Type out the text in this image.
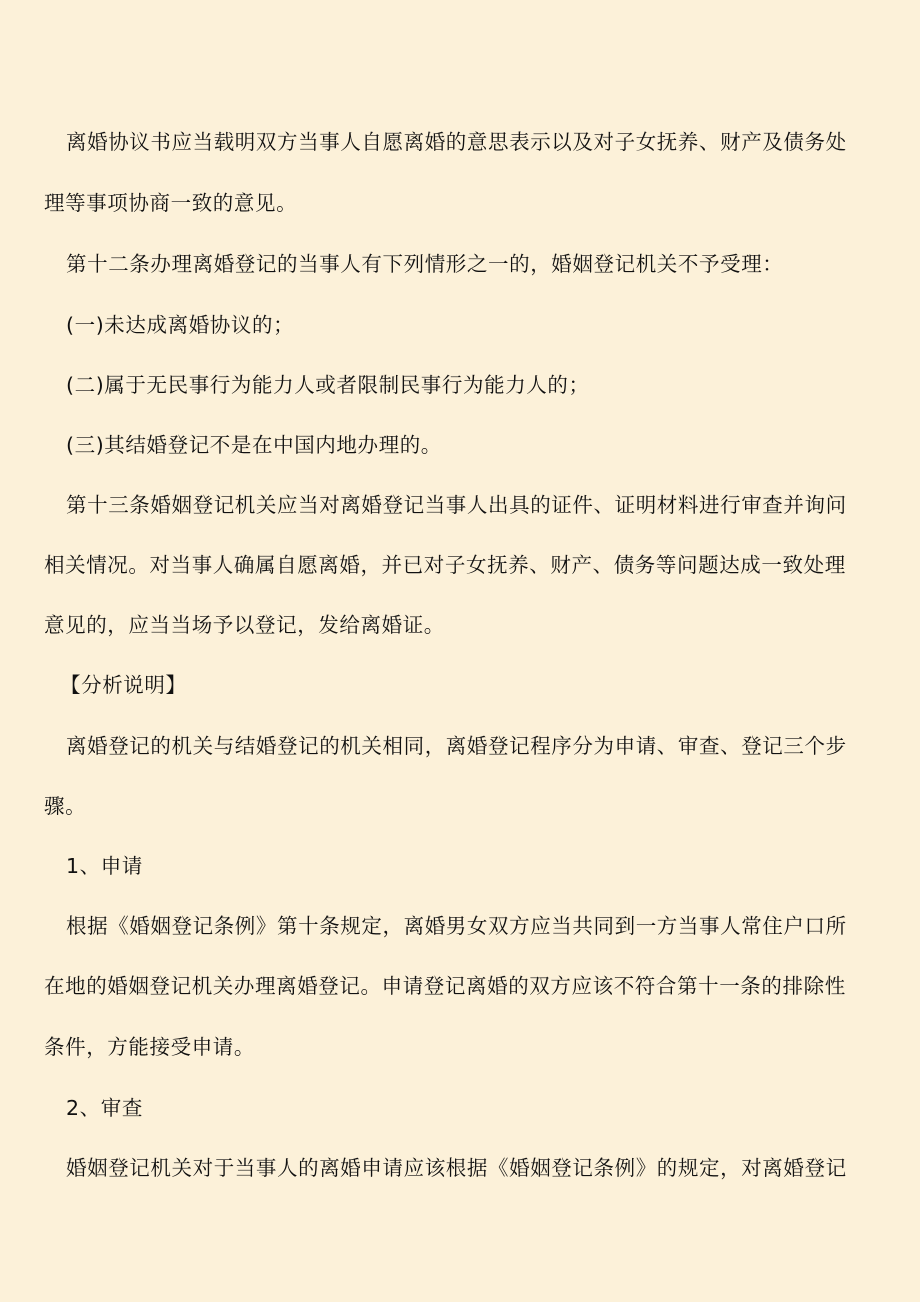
离婚协议书应当载明双方当事人自愿离婚的意思表示以及对子女抚养、财产及债务处

理等事项协商一致的意见。

第十二条办理离婚登记的当事人有下列情形之一的，婚姻登记机关不予受理：

(一)未达成离婚协议的；

(二)属于无民事行为能力人或者限制民事行为能力人的；

(三)其结婚登记不是在中国内地办理的。

第十三条婚姻登记机关应当对离婚登记当事人出具的证件、证明材料进行审查并询问

相关情况。对当事人确属自愿离婚，并已对子女抚养、财产、债务等问题达成一致处理

意见的，应当当场予以登记，发给离婚证。

【分析说明】

离婚登记的机关与结婚登记的机关相同，离婚登记程序分为申请、审查、登记三个步

骤。

1、申请

根据《婚姻登记条例》第十条规定，离婚男女双方应当共同到一方当事人常住户口所

在地的婚姻登记机关办理离婚登记。申请登记离婚的双方应该不符合第十一条的排除性

条件，方能接受申请。

2、审查

婚姻登记机关对于当事人的离婚申请应该根据《婚姻登记条例》的规定，对离婚登记
